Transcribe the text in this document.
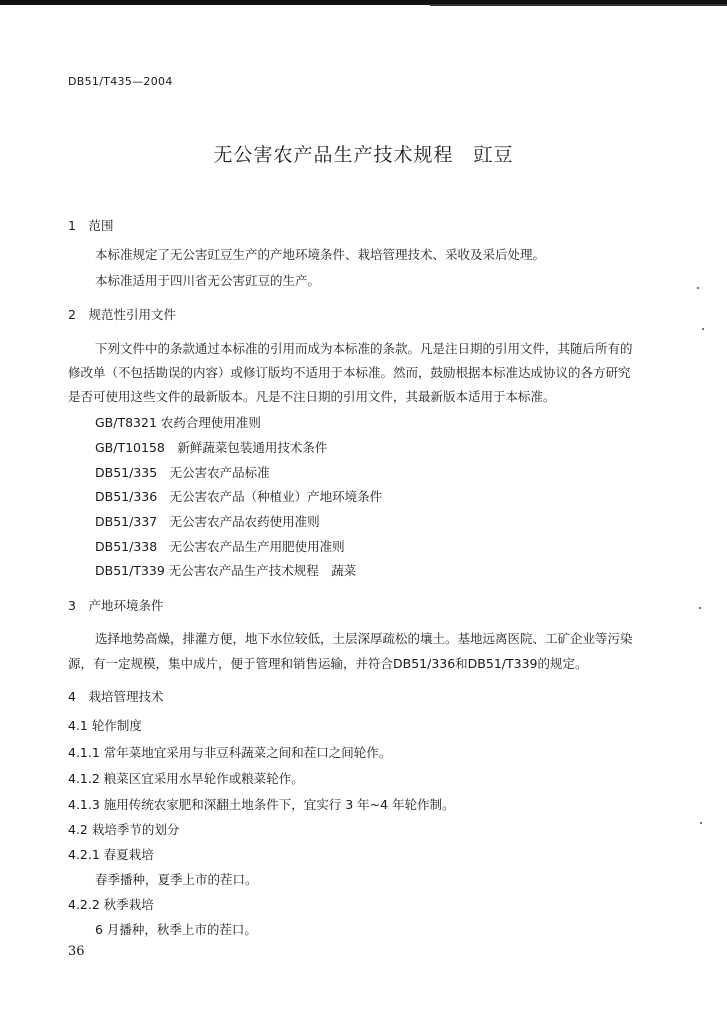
DB51/T435—2004
无公害农产品生产技术规程　豇豆
1　范围
本标准规定了无公害豇豆生产的产地环境条件、栽培管理技术、采收及采后处理。
本标准适用于四川省无公害豇豆的生产。
2　规范性引用文件
下列文件中的条款通过本标准的引用而成为本标准的条款。凡是注日期的引用文件，其随后所有的
修改单（不包括勘误的内容）或修订版均不适用于本标准。然而，鼓励根据本标准达成协议的各方研究
是否可使用这些文件的最新版本。凡是不注日期的引用文件，其最新版本适用于本标准。
GB/T8321 农药合理使用准则
GB/T10158　新鲜蔬菜包装通用技术条件
DB51/335　无公害农产品标准
DB51/336　无公害农产品（种植业）产地环境条件
DB51/337　无公害农产品农药使用准则
DB51/338　无公害农产品生产用肥使用准则
DB51/T339 无公害农产品生产技术规程　蔬菜
3　产地环境条件
选择地势高燥，排灌方便，地下水位较低，土层深厚疏松的壤土。基地远离医院、工矿企业等污染
源，有一定规模，集中成片，便于管理和销售运输，并符合DB51/336和DB51/T339的规定。
4　栽培管理技术
4.1 轮作制度
4.1.1 常年菜地宜采用与非豆科蔬菜之间和茬口之间轮作。
4.1.2 粮菜区宜采用水旱轮作或粮菜轮作。
4.1.3 施用传统农家肥和深翻土地条件下，宜实行 3 年~4 年轮作制。
4.2 栽培季节的划分
4.2.1 春夏栽培
春季播种，夏季上市的茬口。
4.2.2 秋季栽培
6 月播种，秋季上市的茬口。
36
